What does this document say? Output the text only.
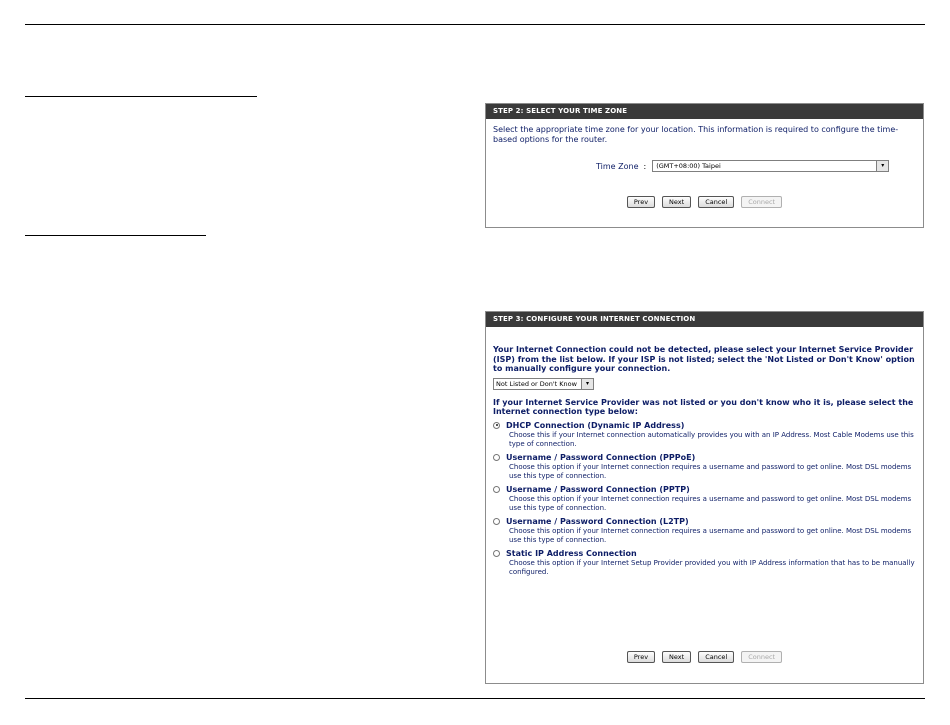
STEP 2: SELECT YOUR TIME ZONE
Select the appropriate time zone for your location. This information is required to configure the time-based options for the router.
Time Zone :	(GMT+08:00) Taipei	▾
Prev	Next	Cancel	Connect
STEP 3: CONFIGURE YOUR INTERNET CONNECTION
Your Internet Connection could not be detected, please select your Internet Service Provider (ISP) from the list below. If your ISP is not listed; select the 'Not Listed or Don't Know' option to manually configure your connection.
Not Listed or Don't Know	▾
If your Internet Service Provider was not listed or you don't know who it is, please select the Internet connection type below:
DHCP Connection (Dynamic IP Address)
Choose this if your Internet connection automatically provides you with an IP Address. Most Cable Modems use this type of connection.
Username / Password Connection (PPPoE)
Choose this option if your Internet connection requires a username and password to get online. Most DSL modems use this type of connection.
Username / Password Connection (PPTP)
Choose this option if your Internet connection requires a username and password to get online. Most DSL modems use this type of connection.
Username / Password Connection (L2TP)
Choose this option if your Internet connection requires a username and password to get online. Most DSL modems use this type of connection.
Static IP Address Connection
Choose this option if your Internet Setup Provider provided you with IP Address information that has to be manually configured.
Prev	Next	Cancel	Connect
